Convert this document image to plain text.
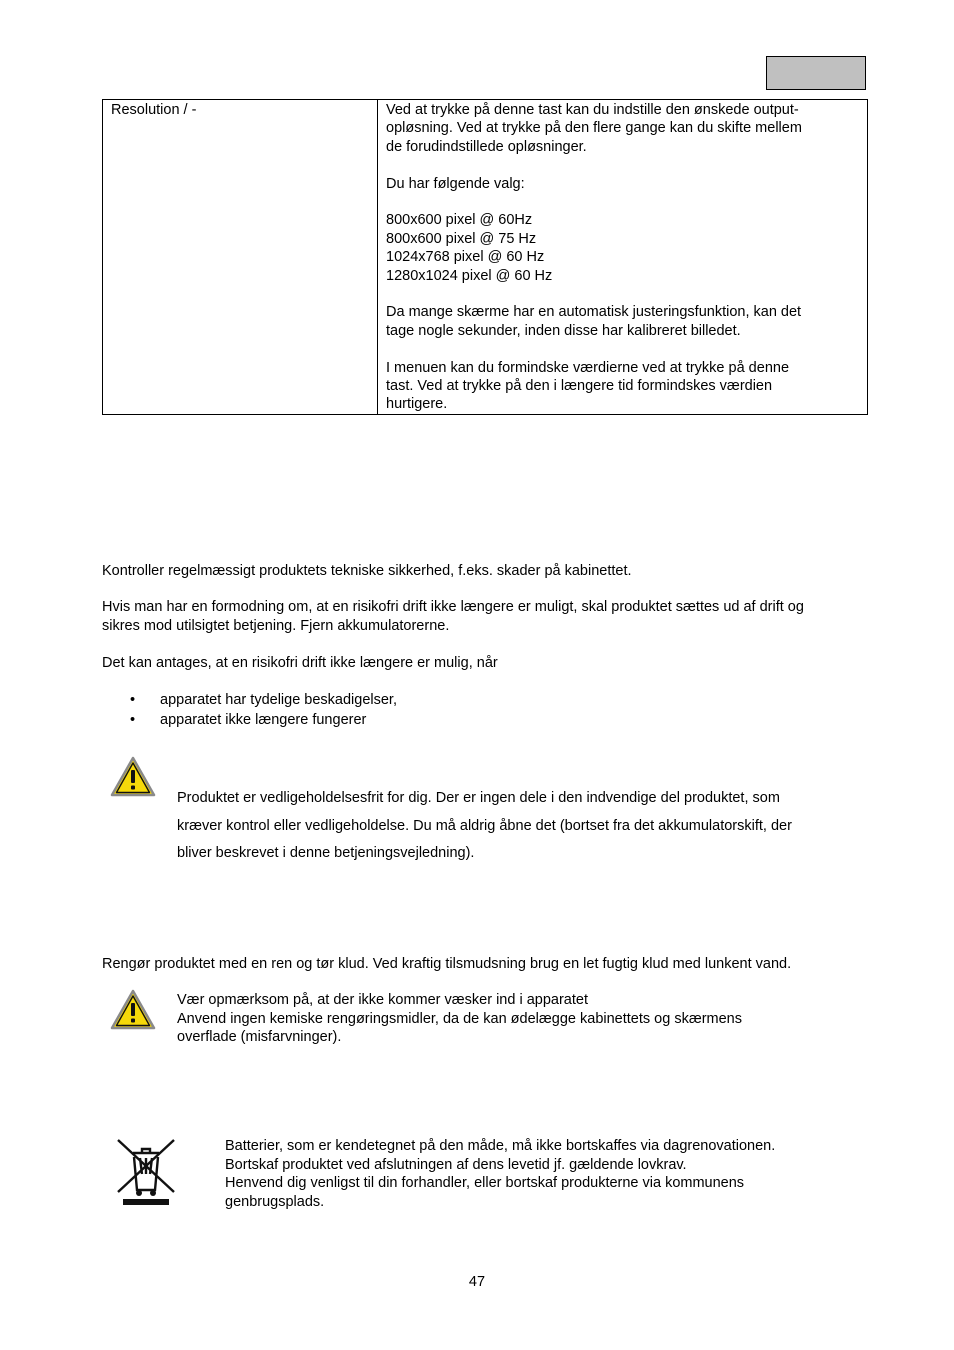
Resolution / -	Ved at trykke på denne tast kan du indstille den ønskede output-
opløsning. Ved at trykke på den flere gange kan du skifte mellem
de forudindstillede opløsninger.
Du har følgende valg:
800x600 pixel @ 60Hz
800x600 pixel @ 75 Hz
1024x768 pixel @ 60 Hz
1280x1024 pixel @ 60 Hz
Da mange skærme har en automatisk justeringsfunktion, kan det
tage nogle sekunder, inden disse har kalibreret billedet.
I menuen kan du formindske værdierne ved at trykke på denne
tast. Ved at trykke på den i længere tid formindskes værdien
hurtigere.

Kontroller regelmæssigt produktets tekniske sikkerhed, f.eks. skader på kabinettet.

Hvis man har en formodning om, at en risikofri drift ikke længere er muligt, skal produktet sættes ud af drift og
sikres mod utilsigtet betjening. Fjern akkumulatorerne.

Det kan antages, at en risikofri drift ikke længere er mulig, når

• apparatet har tydelige beskadigelser,
• apparatet ikke længere fungerer
Produktet er vedligeholdelsesfrit for dig. Der er ingen dele i den indvendige del produktet, som
kræver kontrol eller vedligeholdelse. Du må aldrig åbne det (bortset fra det akkumulatorskift, der
bliver beskrevet i denne betjeningsvejledning).

Rengør produktet med en ren og tør klud. Ved kraftig tilsmudsning brug en let fugtig klud med lunkent vand.

Vær opmærksom på, at der ikke kommer væsker ind i apparatet
Anvend ingen kemiske rengøringsmidler, da de kan ødelægge kabinettets og skærmens
overflade (misfarvninger).
Batterier, som er kendetegnet på den måde, må ikke bortskaffes via dagrenovationen.
Bortskaf produktet ved afslutningen af dens levetid jf. gældende lovkrav.
Henvend dig venligst til din forhandler, eller bortskaf produkterne via kommunens
genbrugsplads.
47
